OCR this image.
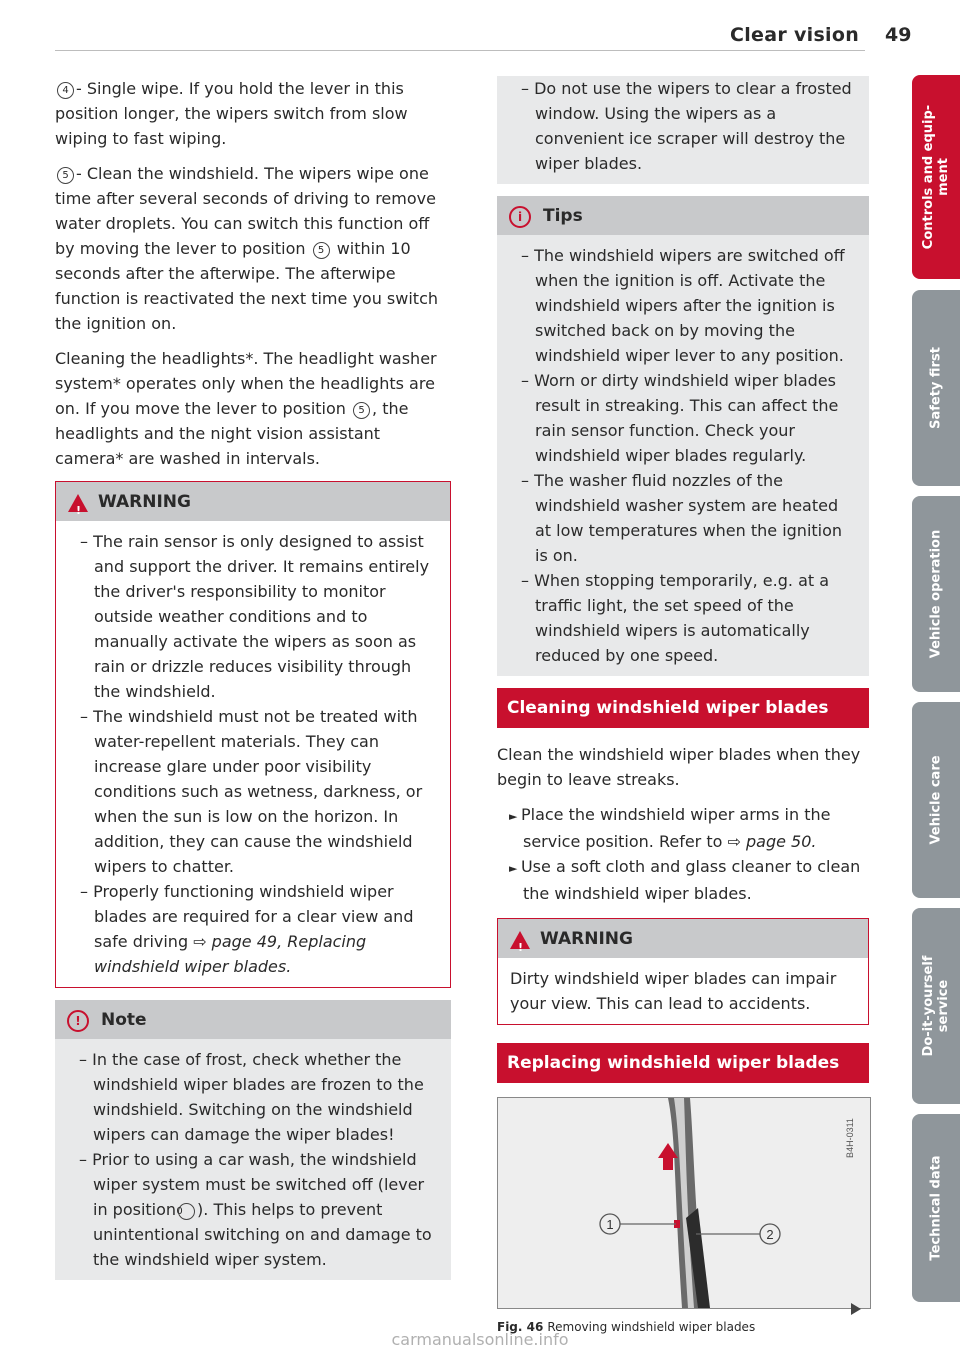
Clear vision 49

4 - Single wipe. If you hold the lever in this position longer, the wipers switch from slow wiping to fast wiping.

5 - Clean the windshield. The wipers wipe one time after several seconds of driving to remove water droplets. You can switch this function off by moving the lever to position 5 within 10 seconds after the afterwipe. The afterwipe function is reactivated the next time you switch the ignition on.

Cleaning the headlights*. The headlight washer system* operates only when the headlights are on. If you move the lever to position 5 , the headlights and the night vision assistant camera* are washed in intervals.

! WARNING
– The rain sensor is only designed to assist and support the driver. It remains entirely the driver's responsibility to monitor outside weather conditions and to manually activate the wipers as soon as rain or drizzle reduces visibility through the windshield.
– The windshield must not be treated with water-repellent materials. They can increase glare under poor visibility conditions such as wetness, darkness, or when the sun is low on the horizon. In addition, they can cause the windshield wipers to chatter.
– Properly functioning windshield wiper blades are required for a clear view and safe driving ⇨ page 49, Replacing windshield wiper blades.
!	Note
– In the case of frost, check whether the windshield wiper blades are frozen to the windshield. Switching on the windshield wipers can damage the wiper blades!
– Prior to using a car wash, the windshield wiper system must be switched off (lever in position0 ). This helps to prevent unintentional switching on and damage to the windshield wiper system.
– Do not use the wipers to clear a frosted window. Using the wipers as a convenient ice scraper will destroy the wiper blades.
i	Tips
– The windshield wipers are switched off when the ignition is off. Activate the windshield wipers after the ignition is switched back on by moving the windshield wiper lever to any position.
– Worn or dirty windshield wiper blades result in streaking. This can affect the rain sensor function. Check your windshield wiper blades regularly.
– The washer fluid nozzles of the windshield washer system are heated at low temperatures when the ignition is on.
– When stopping temporarily, e.g. at a traffic light, the set speed of the windshield wipers is automatically reduced by one speed.
Cleaning windshield wiper blades

Clean the windshield wiper blades when they begin to leave streaks.

► Place the windshield wiper arms in the service position. Refer to ⇨ page 50.
► Use a soft cloth and glass cleaner to clean the windshield wiper blades.
! WARNING
Dirty windshield wiper blades can impair your view. This can lead to accidents.
Replacing windshield wiper blades
1
2
B4H-0311
Fig. 46 Removing windshield wiper blades
Controls and equip-
ment
Safety first
Vehicle operation
Vehicle care
Do-it-yourself
service
Technical data
carmanualsonline.info
